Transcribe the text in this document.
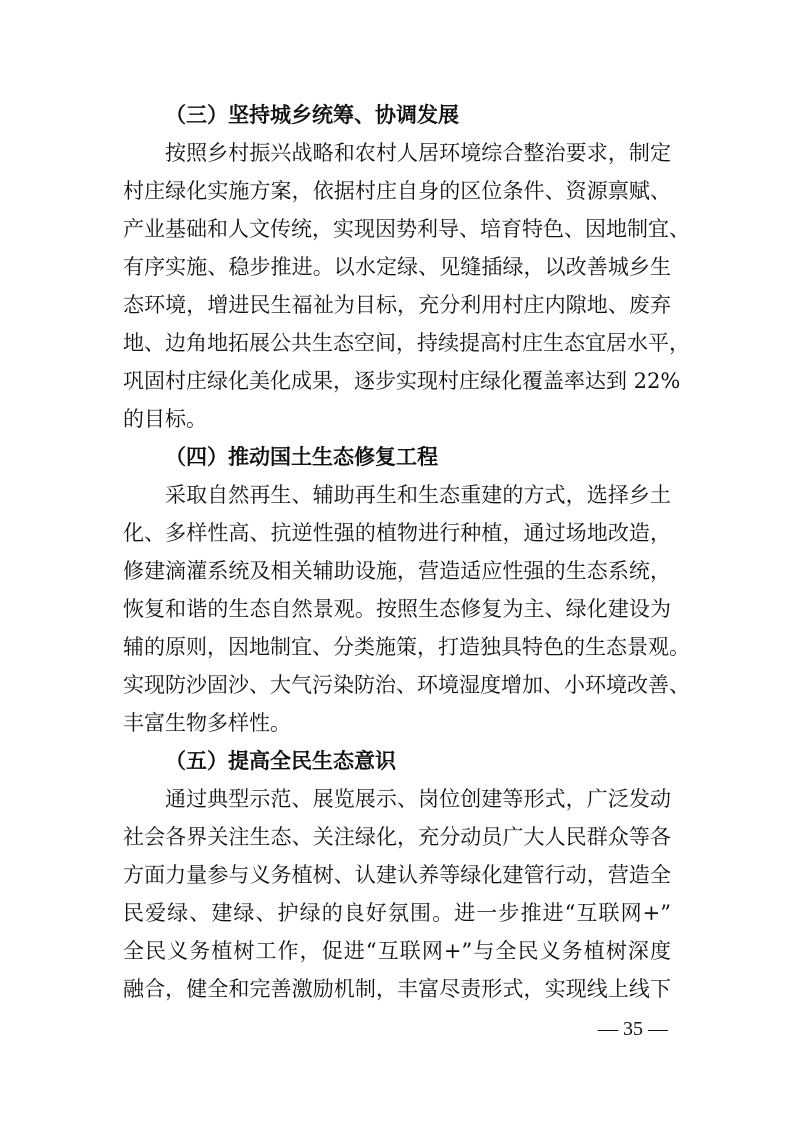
（三）坚持城乡统筹、协调发展
按照乡村振兴战略和农村人居环境综合整治要求，制定
村庄绿化实施方案，依据村庄自身的区位条件、资源禀赋、
产业基础和人文传统，实现因势利导、培育特色、因地制宜、
有序实施、稳步推进。以水定绿、见缝插绿，以改善城乡生
态环境，增进民生福祉为目标，充分利用村庄内隙地、废弃
地、边角地拓展公共生态空间，持续提高村庄生态宜居水平，
巩固村庄绿化美化成果，逐步实现村庄绿化覆盖率达到 22%
的目标。
（四）推动国土生态修复工程
采取自然再生、辅助再生和生态重建的方式，选择乡土
化、多样性高、抗逆性强的植物进行种植，通过场地改造，
修建滴灌系统及相关辅助设施，营造适应性强的生态系统，
恢复和谐的生态自然景观。按照生态修复为主、绿化建设为
辅的原则，因地制宜、分类施策，打造独具特色的生态景观。
实现防沙固沙、大气污染防治、环境湿度增加、小环境改善、
丰富生物多样性。
（五）提高全民生态意识
通过典型示范、展览展示、岗位创建等形式，广泛发动
社会各界关注生态、关注绿化，充分动员广大人民群众等各
方面力量参与义务植树、认建认养等绿化建管行动，营造全
民爱绿、建绿、护绿的良好氛围。进一步推进“互联网+”
全民义务植树工作，促进“互联网+”与全民义务植树深度
融合，健全和完善激励机制，丰富尽责形式，实现线上线下
— 35 —
